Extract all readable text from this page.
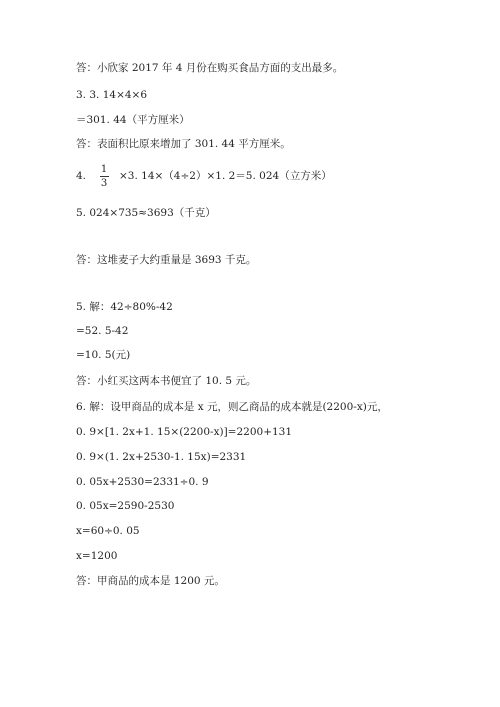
答：小欣家 2017 年 4 月份在购买食品方面的支出最多。
3. 3. 14×4×6
＝301. 44（平方厘米）
答：表面积比原来增加了 301. 44 平方厘米。
4.
1
3
×3. 14×（4÷2）×1. 2＝5. 024（立方米）
5. 024×735≈3693（千克）
答：这堆麦子大约重量是 3693 千克。
5. 解：42÷80%-42
=52. 5-42
=10. 5(元)
答：小红买这两本书便宜了 10. 5 元。
6. 解：设甲商品的成本是 x 元，则乙商品的成本就是(2200-x)元，
0. 9×[1. 2x+1. 15×(2200-x)]=2200+131
0. 9×(1. 2x+2530-1. 15x)=2331
0. 05x+2530=2331÷0. 9
0. 05x=2590-2530
x=60÷0. 05
x=1200
答：甲商品的成本是 1200 元。
